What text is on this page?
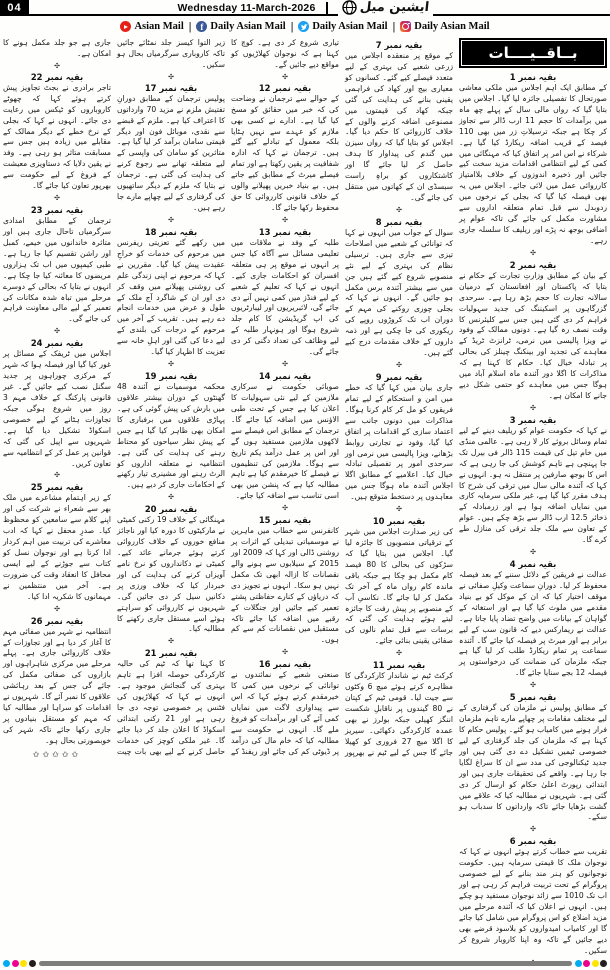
04	Wednesday 11-March-2026	ایشین میل
Asian Mail |	f Daily Asian Mail | Daily Asian Mail | Daily Asian Mail
بــاقــیــــات
بقیہ نمبر 1

کے مطابق ایک اہم اجلاس میں ملکی معاشی صورتحال کا تفصیلی جائزہ لیا گیا۔ اجلاس میں بتایا گیا کہ رواں مالی سال کے پہلے چھ ماہ میں برآمدات کا حجم 11 ارب ڈالر سے تجاوز کر چکا ہے جبکہ ترسیلاتِ زر میں بھی 110 فیصد کے قریب اضافہ ریکارڈ کیا گیا ہے۔ شرکاء نے اس امر پر اتفاق کیا کہ مہنگائی میں کمی کے لیے انتظامی اقدامات مزید سخت کیے جائیں اور ذخیرہ اندوزوں کے خلاف بلاامتیاز کارروائی عمل میں لائی جائے۔ اجلاس میں یہ بھی فیصلہ کیا گیا کہ بجلی کے نرخوں میں ردوبدل سے قبل تمام متعلقہ اداروں سے مشاورت مکمل کی جائے گی تاکہ عوام پر اضافی بوجھ نہ پڑے اور ریلیف کا سلسلہ جاری رہے۔

✣
بقیہ نمبر 2

کے بیان کے مطابق وزارتِ تجارت کے حکام نے بتایا کہ پاکستان اور افغانستان کے درمیان سالانہ تجارت کا حجم بڑھ رہا ہے۔ سرحدی گزرگاہوں پر اسکیننگ کی جدید سہولیات فراہم کر دی گئی ہیں جس سے کلیئرنس کا وقت نصف رہ گیا ہے۔ دونوں ممالک کے وفود نے ویزا پالیسی میں نرمی، ٹرانزٹ ٹریڈ کے معاہدے کی تجدید اور بینکنگ چینلز کی بحالی پر تبادلہ خیال کیا۔ حکام کا کہنا ہے کہ مذاکرات کا اگلا دور آئندہ ماہ اسلام آباد میں ہوگا جس میں معاہدے کو حتمی شکل دیے جانے کا امکان ہے۔

✣
بقیہ نمبر 3

نے کہا کہ حکومت عوام کو ریلیف دینے کے لیے تمام وسائل بروئے کار لا رہی ہے۔ عالمی منڈی میں خام تیل کی قیمت 115 ڈالر فی بیرل تک جا پہنچی ہے تاہم کوشش کی جا رہی ہے کہ اس کا بوجھ صارفین پر منتقل نہ ہو۔ انہوں نے کہا کہ آئندہ مالی سال میں ترقی کی شرح کا ہدف مقرر کیا گیا ہے، غیر ملکی سرمایہ کاری میں نمایاں اضافہ ہوا ہے اور زرمبادلہ کے ذخائر 12.5 ارب ڈالر سے بڑھ چکے ہیں۔ عوام کے تعاون سے ملک جلد ترقی کی منازل طے کرے گا۔

✣
بقیہ نمبر 4

عدالت نے فریقین کے دلائل سننے کے بعد فیصلہ محفوظ کر لیا۔ دورانِ سماعت وکیلِ صفائی نے موقف اختیار کیا کہ ان کے موکل کو بے بنیاد مقدمے میں ملوث کیا گیا ہے اور استغاثہ کے گواہان کے بیانات میں واضح تضاد پایا جاتا ہے۔ عدالت نے ریمارکس دیے کہ قانون سب کے لیے برابر ہے اور میرٹ پر فیصلہ کیا جائے گا۔ آئندہ سماعت پر تمام ریکارڈ طلب کر لیا گیا ہے جبکہ ملزمان کی ضمانت کی درخواستوں پر فیصلہ 12 بجے سنایا جائے گا۔

✣
بقیہ نمبر 5

کے مطابق پولیس نے ملزمان کی گرفتاری کے لیے مختلف مقامات پر چھاپے مارے تاہم ملزمان فرار ہونے میں کامیاب ہو گئے۔ پولیس حکام کا کہنا ہے کہ ملزمان کی جلد گرفتاری کے لیے خصوصی ٹیمیں تشکیل دے دی گئی ہیں اور جدید ٹیکنالوجی کی مدد سے ان کا سراغ لگایا جا رہا ہے۔ واقعے کی تحقیقات جاری ہیں اور ابتدائی رپورٹ اعلیٰ حکام کو ارسال کر دی گئی ہے۔ شہریوں نے مطالبہ کیا کہ علاقے میں گشت بڑھایا جائے تاکہ وارداتوں کا سدباب ہو سکے۔

✣
بقیہ نمبر 6

تقریب سے خطاب کرتے ہوئے انہوں نے کہا کہ نوجوان ملک کا قیمتی سرمایہ ہیں۔ حکومت نوجوانوں کو ہنر مند بنانے کے لیے خصوصی پروگرام کے تحت تربیت فراہم کر رہی ہے اور اب تک 1010 سے زائد نوجوان مستفید ہو چکے ہیں۔ انہوں نے اعلان کیا کہ آئندہ مرحلے میں مزید اضلاع کو اس پروگرام میں شامل کیا جائے گا اور کامیاب امیدواروں کو بلاسود قرضے بھی دیے جائیں گے تاکہ وہ اپنا کاروبار شروع کر سکیں۔

بقیہ نمبر 7

کے موقع پر منعقدہ اجلاس میں زرعی شعبے کی بہتری کے لیے متعدد فیصلے کیے گئے۔ کسانوں کو معیاری بیج اور کھاد کی فراہمی یقینی بنانے کی ہدایت کی گئی جبکہ کھاد کی قیمتوں میں مصنوعی اضافہ کرنے والوں کے خلاف کارروائی کا حکم دیا گیا۔ اجلاس کو بتایا گیا کہ رواں سیزن میں گندم کی پیداوار کا ہدف حاصل کر لیا جائے گا اور کاشتکاروں کو براہِ راست سبسڈی ان کے کھاتوں میں منتقل کی جائے گی۔

✣
بقیہ نمبر 8

سوال کے جواب میں انہوں نے کہا کہ توانائی کے شعبے میں اصلاحات تیزی سے جاری ہیں۔ ترسیلی نظام کی بہتری کے لیے نئے منصوبے شروع کیے گئے ہیں جن میں سے بیشتر آئندہ برس مکمل ہو جائیں گے۔ انہوں نے کہا کہ بجلی چوری روکنے کی مہم کے دوران اب تک کروڑوں روپے کی ریکوری کی جا چکی ہے اور ذمہ داروں کے خلاف مقدمات درج کیے گئے ہیں۔

✣
بقیہ نمبر 9

جاری بیان میں کہا گیا کہ خطے میں امن و استحکام کے لیے تمام فریقوں کو مل کر کام کرنا ہوگا۔ مذاکرات میں دونوں جانب سے اعتماد سازی کے اقدامات پر اتفاق کیا گیا، وفود نے تجارتی روابط بڑھانے، ویزا پالیسی میں نرمی اور سرحدی امور پر تفصیلی تبادلہ خیال کیا۔ اعلامیے کے مطابق اگلا اجلاس آئندہ ماہ ہوگا جس میں معاہدوں پر دستخط متوقع ہیں۔

✣
بقیہ نمبر 10

کی زیر صدارت اجلاس میں شہر کے ترقیاتی منصوبوں کا جائزہ لیا گیا۔ اجلاس میں بتایا گیا کہ سڑکوں کی بحالی کا 80 فیصد کام مکمل ہو چکا ہے جبکہ باقی ماندہ کام رواں ماہ کے آخر تک مکمل کر لیا جائے گا۔ نکاسیِ آب کے منصوبے پر پیش رفت کا جائزہ لیتے ہوئے ہدایت کی گئی کہ برسات سے قبل تمام نالوں کی صفائی یقینی بنائی جائے۔

✣
بقیہ نمبر 11

کرکٹ ٹیم نے شاندار کارکردگی کا مظاہرہ کرتے ہوئے میچ 6 وکٹوں سے جیت لیا۔ قومی ٹیم کے کپتان نے 80 گیندوں پر ناقابلِ شکست اننگز کھیلی جبکہ بولرز نے بھی عمدہ کارکردگی دکھائی۔ سیریز کا اگلا میچ 27 فروری کو کھیلا جائے گا جس کے لیے ٹیم نے بھرپور تیاری شروع کر دی ہے۔ کوچ کا کہنا ہے کہ نوجوان کھلاڑیوں کو مواقع دیے جائیں گے۔

✣
بقیہ نمبر 12

کے حوالے سے ترجمان نے وضاحت کی کہ خبر میں حقائق کو مسخ کیا گیا ہے۔ ادارے نے کسی بھی ملازم کو عہدے سے نہیں ہٹایا بلکہ معمول کے تبادلے کیے گئے ہیں۔ ترجمان نے کہا کہ ادارہ شفافیت پر یقین رکھتا ہے اور تمام فیصلے میرٹ کے مطابق کیے جاتے ہیں۔ بے بنیاد خبریں پھیلانے والوں کے خلاف قانونی کارروائی کا حق محفوظ رکھا جائے گا۔

✣
بقیہ نمبر 13

طلبہ کے وفد نے ملاقات میں تعلیمی مسائل سے آگاہ کیا جس پر انہوں نے موقع پر ہی متعلقہ افسران کو احکامات جاری کیے۔ انہوں نے کہا کہ تعلیم کے شعبے کے لیے فنڈز میں کمی نہیں آنے دی جائے گی، لائبریریوں اور لیبارٹریوں کی اپ گریڈیشن کا کام جلد شروع ہوگا اور ہونہار طلبہ کے لیے وظائف کی تعداد دگنی کر دی جائے گی۔

✣
بقیہ نمبر 14

صوبائی حکومت نے سرکاری ملازمین کے لیے نئی سہولیات کا اعلان کیا ہے جس کے تحت طبی الاؤنس میں اضافہ کیا جائے گا۔ ترجمان کے مطابق اس فیصلے سے لاکھوں ملازمین مستفید ہوں گے اور اس پر عمل درآمد یکم تاریخ سے ہوگا۔ ملازمین کی تنظیموں نے فیصلے کا خیرمقدم کیا ہے تاہم مطالبہ کیا ہے کہ پنشن میں بھی اسی تناسب سے اضافہ کیا جائے۔

✣
بقیہ نمبر 15

کانفرنس سے خطاب میں ماہرین نے موسمیاتی تبدیلی کے اثرات پر روشنی ڈالی اور کہا کہ 2009 اور 2015 کے سیلابوں سے ہونے والے نقصانات کا ازالہ ابھی تک مکمل نہیں ہو سکا۔ انہوں نے تجویز دی کہ دریاؤں کے کنارے حفاظتی پشتے تعمیر کیے جائیں اور جنگلات کے رقبے میں اضافہ کیا جائے تاکہ مستقبل میں نقصانات کم سے کم ہوں۔

✣
بقیہ نمبر 16

صنعتی شعبے کے نمائندوں نے توانائی کے نرخوں میں کمی کا خیرمقدم کرتے ہوئے کہا کہ اس سے پیداواری لاگت میں نمایاں کمی آئے گی اور برآمدات کو فروغ ملے گا۔ انہوں نے حکومت سے مطالبہ کیا کہ خام مال کی درآمد پر ڈیوٹی کم کی جائے اور ریفنڈ کے زیر التوا کیسز جلد نمٹائے جائیں تاکہ کاروباری سرگرمیاں بحال ہو سکیں۔

✣
بقیہ نمبر 17

پولیس ترجمان کے مطابق دورانِ تفتیش ملزم نے مزید 70 وارداتوں کا اعتراف کیا ہے۔ ملزم کے قبضے سے نقدی، موبائل فون اور دیگر قیمتی سامان برآمد کر لیا گیا ہے۔ متاثرین کو سامان کی واپسی کے لیے متعلقہ تھانے سے رجوع کرنے کی ہدایت کی گئی ہے۔ ترجمان نے بتایا کہ ملزم کے دیگر ساتھیوں کی گرفتاری کے لیے چھاپے مارے جا رہے ہیں۔

✣
بقیہ نمبر 18

میں رکھے گئے تعزیتی ریفرنس میں مرحوم کی خدمات کو خراجِ عقیدت پیش کیا گیا۔ مقررین نے کہا کہ مرحوم نے اپنی زندگی علم کی روشنی پھیلانے میں وقف کر دی اور ان کے شاگرد آج ملک کے طول و عرض میں خدمات انجام دے رہے ہیں۔ تقریب کے آخر میں مرحوم کے درجات کی بلندی کے لیے دعا کی گئی اور اہلِ خانہ سے تعزیت کا اظہار کیا گیا۔

✣
بقیہ نمبر 19

محکمہ موسمیات نے آئندہ 48 گھنٹوں کے دوران بیشتر علاقوں میں بارش کی پیش گوئی کی ہے۔ پہاڑی علاقوں میں برفباری کا امکان بھی ظاہر کیا گیا ہے جس کے پیش نظر سیاحوں کو محتاط رہنے کی ہدایت کی گئی ہے۔ انتظامیہ نے متعلقہ اداروں کو الرٹ رہنے اور مشینری تیار رکھنے کے احکامات جاری کر دیے ہیں۔

✣
بقیہ نمبر 20

مہنگائی کے خلاف 19 رکنی کمیٹی نے مارکیٹوں کا دورہ کیا اور ناجائز منافع خوروں کے خلاف کارروائی کرتے ہوئے جرمانے عائد کیے۔ کمیٹی نے دکانداروں کو نرخ نامے آویزاں کرنے کی ہدایت کی اور خبردار کیا کہ خلاف ورزی پر دکانیں سیل کر دی جائیں گی۔ شہریوں نے کارروائی کو سراہتے ہوئے اسے مستقل جاری رکھنے کا مطالبہ کیا۔

✣
بقیہ نمبر 21

کا کہنا تھا کہ ٹیم کی حالیہ کارکردگی حوصلہ افزا ہے تاہم بہتری کی گنجائش موجود ہے۔ انہوں نے کہا کہ کھلاڑیوں کی فٹنس پر خصوصی توجہ دی جا رہی ہے اور 21 رکنی ابتدائی اسکواڈ کا اعلان جلد کر دیا جائے گا۔ غیر ملکی کوچز کی خدمات حاصل کرنے کے لیے بھی بات چیت جاری ہے جو جلد مکمل ہونے کا امکان ہے۔

✣
بقیہ نمبر 22

تاجر برادری نے بجٹ تجاویز پیش کرتے ہوئے کہا کہ چھوٹے کاروباروں کو ٹیکس میں رعایت دی جائے۔ انہوں نے کہا کہ بجلی کے نرخ خطے کے دیگر ممالک کے مقابلے میں زیادہ ہیں جس سے مسابقت متاثر ہو رہی ہے۔ وفد نے یقین دلایا کہ دستاویزی معیشت کے فروغ کے لیے حکومت سے بھرپور تعاون کیا جائے گا۔

✣
بقیہ نمبر 23

ترجمان کے مطابق امدادی سرگرمیاں تاحال جاری ہیں اور متاثرہ خاندانوں میں خیمے، کمبل اور راشن تقسیم کیا جا رہا ہے۔ طبی کیمپوں میں اب تک ہزاروں مریضوں کا معائنہ کیا جا چکا ہے۔ انہوں نے بتایا کہ بحالی کے دوسرے مرحلے میں تباہ شدہ مکانات کی تعمیر کے لیے مالی معاونت فراہم کی جائے گی۔

✣
بقیہ نمبر 24

اجلاس میں ٹریفک کے مسائل پر غور کیا گیا اور فیصلہ ہوا کہ شہر کے مرکزی چوراہوں پر جدید سگنل نصب کیے جائیں گے۔ غیر قانونی پارکنگ کے خلاف مہم 3 روز میں شروع ہوگی جبکہ تجاوزات ہٹانے کے لیے خصوصی اسکواڈ تشکیل دیا گیا ہے۔ شہریوں سے اپیل کی گئی کہ قوانین پر عمل کر کے انتظامیہ سے تعاون کریں۔

✣
بقیہ نمبر 25

کے زیر اہتمام مشاعرے میں ملک بھر سے شعراء نے شرکت کی اور اپنے کلام سے سامعین کو محظوظ کیا۔ صدرِ محفل نے کہا کہ ادب معاشرے کی تربیت میں اہم کردار ادا کرتا ہے اور نوجوان نسل کو کتاب سے جوڑنے کے لیے ایسی محافل کا انعقاد وقت کی ضرورت ہے۔ آخر میں منتظمین نے مہمانوں کا شکریہ ادا کیا۔

✣
بقیہ نمبر 26

انتظامیہ نے شہر میں صفائی مہم کا آغاز کر دیا ہے اور تجاوزات کے خلاف کارروائی جاری ہے۔ پہلے مرحلے میں مرکزی شاہراہوں اور بازاروں کی صفائی مکمل کی جائے گی جس کے بعد رہائشی علاقوں کا نمبر آئے گا۔ شہریوں نے اقدامات کو سراہا اور مطالبہ کیا کہ مہم کو مستقل بنیادوں پر جاری رکھا جائے تاکہ شہر کی خوبصورتی بحال ہو۔

✩✩✩✩✩
